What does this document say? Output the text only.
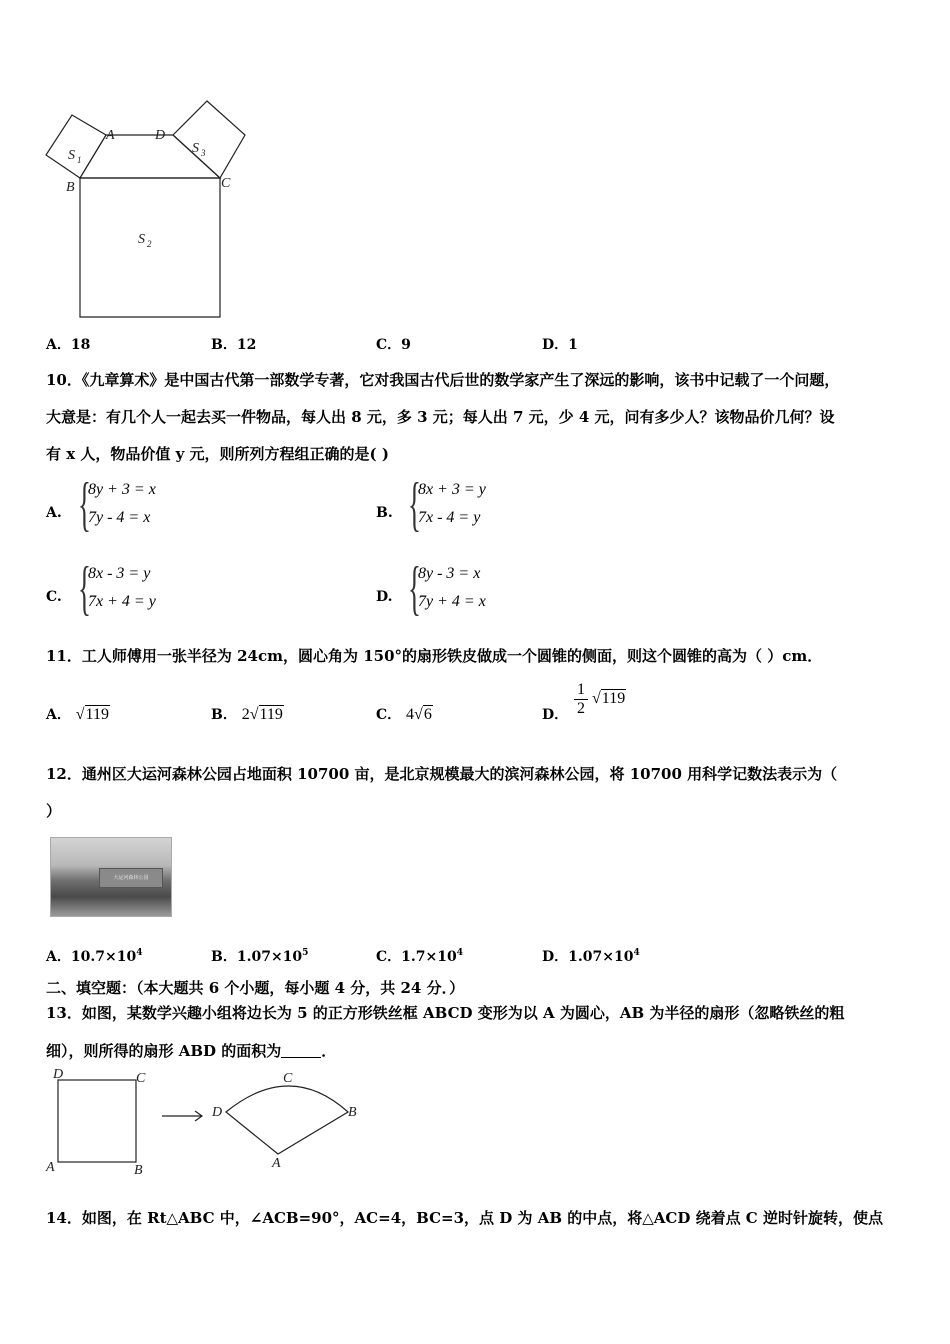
A	D
B	C
S 1
S 3
S 2
A．18	B．12	C．9	D．1
10．《九章算术》是中国古代第一部数学专著，它对我国古代后世的数学家产生了深远的影响，该书中记载了一个问题，
大意是：有几个人一起去买一件物品，每人出 8 元，多 3 元；每人出 7 元，少 4 元，问有多少人？该物品价几何？设
有 x 人，物品价值 y 元，则所列方程组正确的是( )
A. {
8y + 3 = x
7y - 4 = x	B. {
8x + 3 = y
7x - 4 = y
C. {
8x - 3 = y
7x + 4 = y	D. {
8y - 3 = x
7y + 4 = x
11．工人师傅用一张半径为 24cm，圆心角为 150°的扇形铁皮做成一个圆锥的侧面，则这个圆锥的高为（ ）cm．
A． √119	B． 2√119	C． 4√6	D．
1
2
√119
12．通州区大运河森林公园占地面积 10700 亩，是北京规模最大的滨河森林公园，将 10700 用科学记数法表示为（
）
大运河森林公园
A．$10.7\times 10^4$	B．$1.07\times 10^5$	C．$1.7\times 10^4$	D．$1.07\times 10^4$
二、填空题：（本大题共 6 个小题，每小题 4 分，共 24 分．）
13．如图，某数学兴趣小组将边长为 5 的正方形铁丝框 ABCD 变形为以 A 为圆心，AB 为半径的扇形（忽略铁丝的粗
细），则所得的扇形 ABD 的面积为	．
D	C
A	B
C
D	B
A
14．如图，在 Rt△ABC 中，∠ACB=90°，AC=4，BC=3，点 D 为 AB 的中点，将△ACD 绕着点 C 逆时针旋转，使点
